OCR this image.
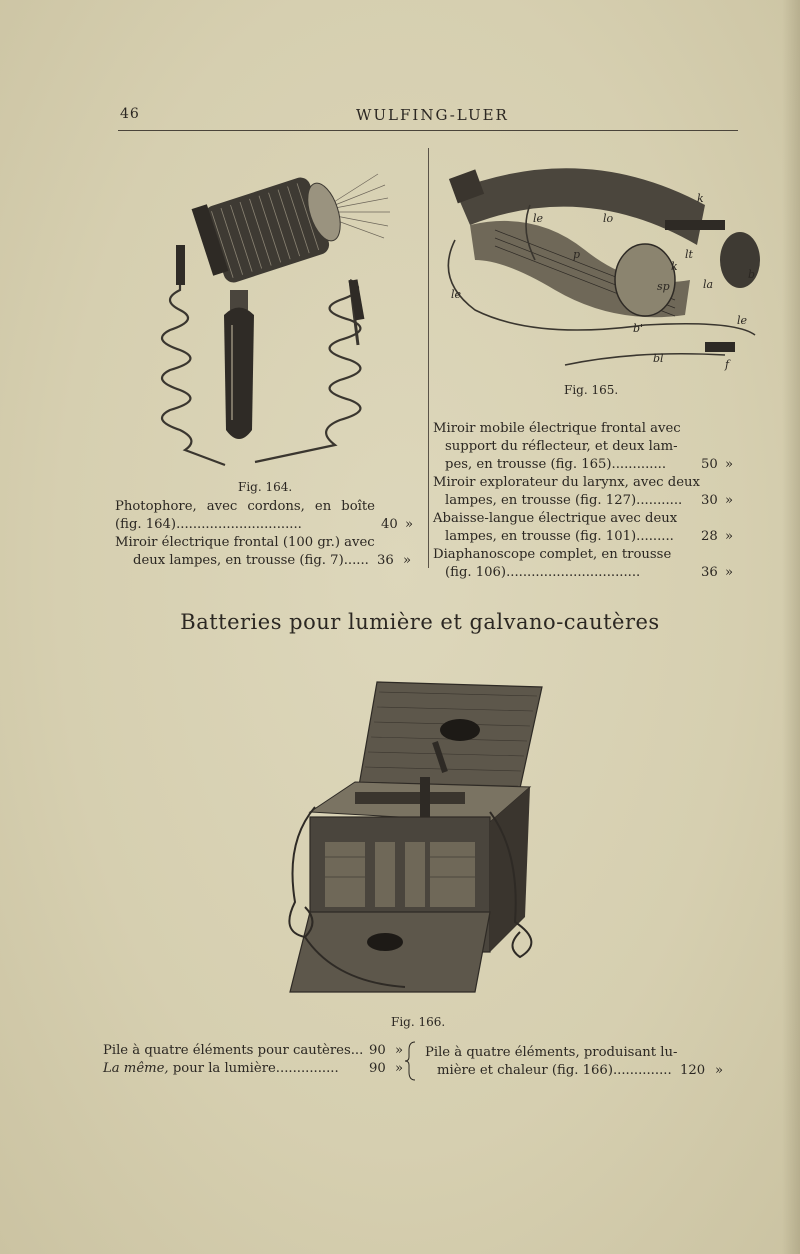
46	WULFING-LUER
Fig. 164.
le	lo
k
lt
k
sp	la
b
p
le
b'
le
bl	f
Fig. 165.
Photophore, avec cordons, en boîte
(fig. 164)..............................	40 »
Miroir électrique frontal (100 gr.) avec
deux lampes, en trousse (fig. 7)...... 36 »
Miroir mobile électrique frontal avec
support du réflecteur, et deux lam-
pes, en trousse (fig. 165).............	50 »
Miroir explorateur du larynx, avec deux
lampes, en trousse (fig. 127)...........	30 »
Abaisse-langue électrique avec deux
lampes, en trousse (fig. 101)......... 28 »
Diaphanoscope complet, en trousse
(fig. 106)................................	36 »
Batteries pour lumière et galvano-cautères
Fig. 166.
Pile à quatre éléments pour cautères... 90 »
La même, pour la lumière............... 90 »
Pile à quatre éléments, produisant lu-
mière et chaleur (fig. 166).............. 120 »
